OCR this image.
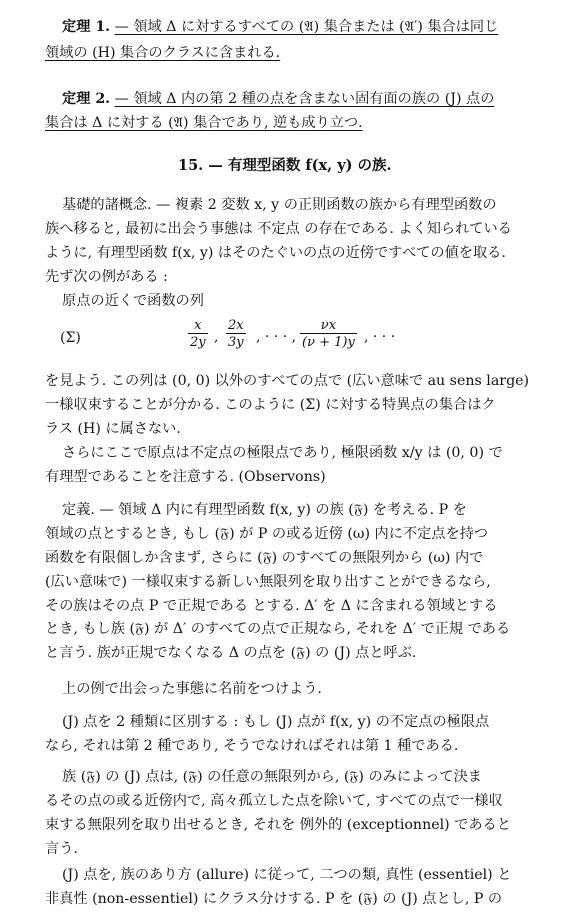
定理 1. — 領域 Δ に対するすべての (𝔄) 集合または (𝔄′) 集合は同じ
領域の (H) 集合のクラスに含まれる.
定理 2. — 領域 Δ 内の第 2 種の点を含まない固有面の族の (J) 点の
集合は Δ に対する (𝔄) 集合であり, 逆も成り立つ.
15. — 有理型函数 f(x, y) の族.
基礎的諸概念. — 複素 2 変数 x, y の正則函数の族から有理型函数の
族へ移ると, 最初に出会う事態は 不定点 の存在である. よく知られている
ように, 有理型函数 f(x, y) はそのたぐいの点の近傍ですべての値を取る.
先ず次の例がある :
原点の近くで函数の列
(Σ)	$\frac{x}{2y}$ , $\frac{2x}{3y}$ , · · · , $\frac{\nu x}{(\nu + 1)y}$ , · · ·
を見よう. この列は (0, 0) 以外のすべての点で (広い意味で au sens large)
一様収束することが分かる. このように (Σ) に対する特異点の集合はク
ラス (H) に属さない.
さらにここで原点は不定点の極限点であり, 極限函数 x/y は (0, 0) で
有理型であることを注意する. (Observons)
定義. — 領域 Δ 内に有理型函数 f(x, y) の族 (𝔉) を考える. P を
領域の点とするとき, もし (𝔉) が P の或る近傍 (ω) 内に不定点を持つ
函数を有限個しか含まず, さらに (𝔉) のすべての無限列から (ω) 内で
(広い意味で) 一様収束する新しい無限列を取り出すことができるなら,
その族はその点 P で正規である とする. Δ′ を Δ に含まれる領域とする
とき, もし族 (𝔉) が Δ′ のすべての点で正規なら, それを Δ′ で正規 である
と言う. 族が正規でなくなる Δ の点を (𝔉) の (J) 点と呼ぶ.
上の例で出会った事態に名前をつけよう.
(J) 点を 2 種類に区別する : もし (J) 点が f(x, y) の不定点の極限点
なら, それは第 2 種であり, そうでなければそれは第 1 種である.
族 (𝔉) の (J) 点は, (𝔉) の任意の無限列から, (𝔉) のみによって決ま
るその点の或る近傍内で, 高々孤立した点を除いて, すべての点で一様収
束する無限列を取り出せるとき, それを 例外的 (exceptionnel) であると
言う.
(J) 点を, 族のあり方 (allure) に従って, 二つの類, 真性 (essentiel) と
非真性 (non-essentiel) にクラス分けする. P を (𝔉) の (J) 点とし, P の
